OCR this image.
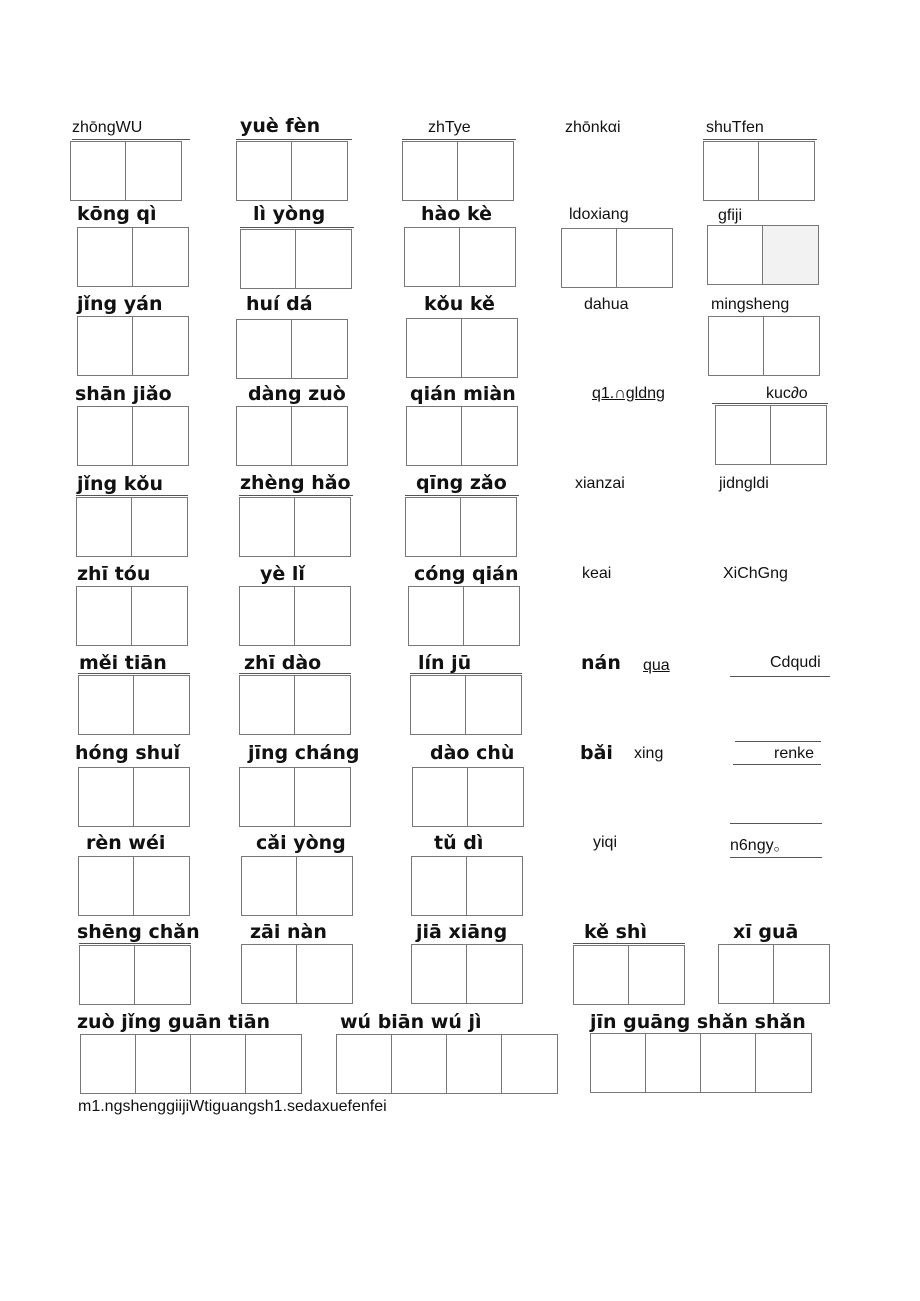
zhōngWU	yuè fèn	zhTye	zhōnkαi	shuTfen
kōng qì	lì yòng	hào kè	ldoxiang	gfiji
jǐng yán	huí dá	kǒu kě	dahua	mingsheng
shān jiǎo	dàng zuò	qián miàn	q1.∩gldng	kuc∂o
jǐng kǒu	zhèng hǎo	qīng zǎo	xianzai	jidngldi
zhī tóu	yè lǐ	cóng qián	keai	XiChGng
měi tiān	zhī dào	lín jū	nán qua	Cdqudi
hóng shuǐ	jīng cháng	dào chù	bǎi xing	renke
rèn wéi	cǎi yòng	tǔ dì	yiqi	n6ngy。
shēng chǎn	zāi nàn	jiā xiāng	kě shì	xī guā
zuò jǐng guān tiān	wú biān wú jì	jīn guāng shǎn shǎn
m1.ngshenggiijiWtiguangsh1.sedaxuefenfei
